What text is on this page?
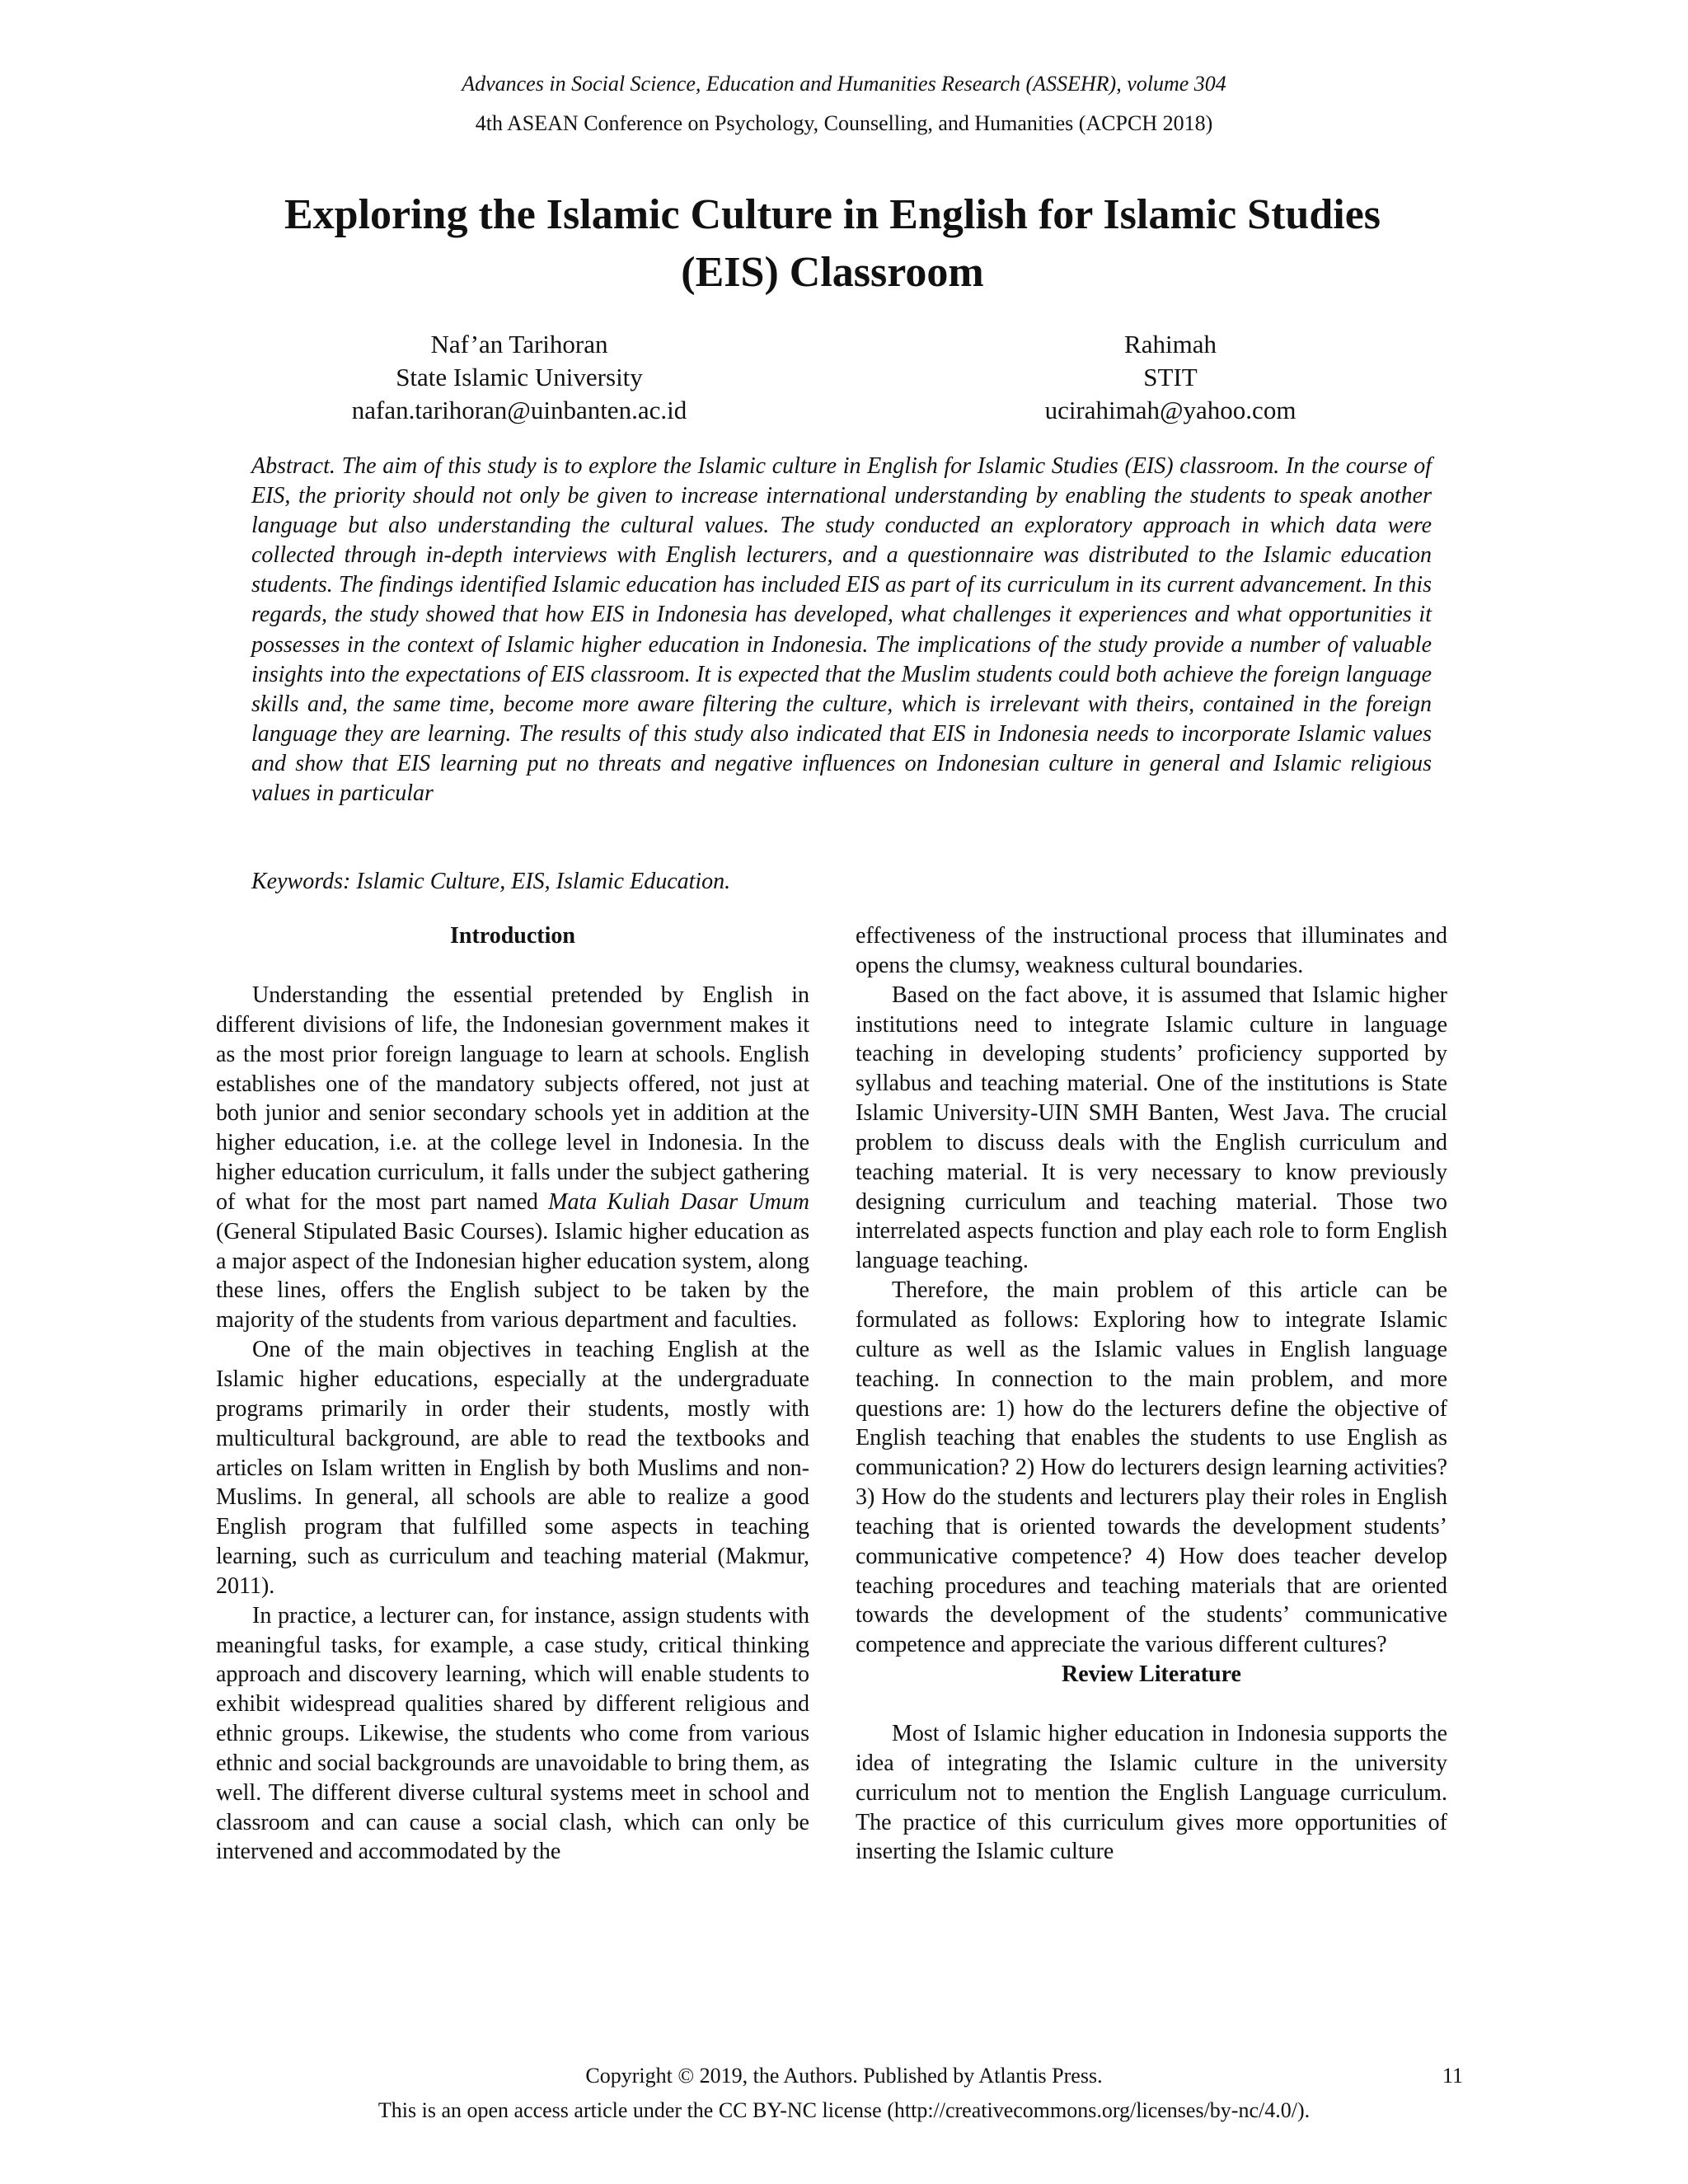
Advances in Social Science, Education and Humanities Research (ASSEHR), volume 304
4th ASEAN Conference on Psychology, Counselling, and Humanities (ACPCH 2018)
Exploring the Islamic Culture in English for Islamic Studies (EIS) Classroom
Naf’an Tarihoran
State Islamic University
nafan.tarihoran@uinbanten.ac.id
Rahimah
STIT
ucirahimah@yahoo.com

Abstract. The aim of this study is to explore the Islamic culture in English for Islamic Studies (EIS) classroom. In the course of EIS, the priority should not only be given to increase international understanding by enabling the students to speak another language but also understanding the cultural values. The study conducted an exploratory approach in which data were collected through in-depth interviews with English lecturers, and a questionnaire was distributed to the Islamic education students. The findings identified Islamic education has included EIS as part of its curriculum in its current advancement. In this regards, the study showed that how EIS in Indonesia has developed, what challenges it experiences and what opportunities it possesses in the context of Islamic higher education in Indonesia. The implications of the study provide a number of valuable insights into the expectations of EIS classroom. It is expected that the Muslim students could both achieve the foreign language skills and, the same time, become more aware filtering the culture, which is irrelevant with theirs, contained in the foreign language they are learning. The results of this study also indicated that EIS in Indonesia needs to incorporate Islamic values and show that EIS learning put no threats and negative influences on Indonesian culture in general and Islamic religious values in particular

Keywords: Islamic Culture, EIS, Islamic Education.

Introduction

Understanding the essential pretended by English in different divisions of life, the Indonesian government makes it as the most prior foreign language to learn at schools. English establishes one of the mandatory subjects offered, not just at both junior and senior secondary schools yet in addition at the higher education, i.e. at the college level in Indonesia. In the higher education curriculum, it falls under the subject gathering of what for the most part named Mata Kuliah Dasar Umum (General Stipulated Basic Courses). Islamic higher education as a major aspect of the Indonesian higher education system, along these lines, offers the English subject to be taken by the majority of the students from various department and faculties.

One of the main objectives in teaching English at the Islamic higher educations, especially at the undergraduate programs primarily in order their students, mostly with multicultural background, are able to read the textbooks and articles on Islam written in English by both Muslims and non-Muslims. In general, all schools are able to realize a good English program that fulfilled some aspects in teaching learning, such as curriculum and teaching material (Makmur, 2011).

In practice, a lecturer can, for instance, assign students with meaningful tasks, for example, a case study, critical thinking approach and discovery learning, which will enable students to exhibit widespread qualities shared by different religious and ethnic groups. Likewise, the students who come from various ethnic and social backgrounds are unavoidable to bring them, as well. The different diverse cultural systems meet in school and classroom and can cause a social clash, which can only be intervened and accommodated by the

effectiveness of the instructional process that illuminates and opens the clumsy, weakness cultural boundaries.

Based on the fact above, it is assumed that Islamic higher institutions need to integrate Islamic culture in language teaching in developing students’ proficiency supported by syllabus and teaching material. One of the institutions is State Islamic University-UIN SMH Banten, West Java. The crucial problem to discuss deals with the English curriculum and teaching material. It is very necessary to know previously designing curriculum and teaching material. Those two interrelated aspects function and play each role to form English language teaching.

Therefore, the main problem of this article can be formulated as follows: Exploring how to integrate Islamic culture as well as the Islamic values in English language teaching. In connection to the main problem, and more questions are: 1) how do the lecturers define the objective of English teaching that enables the students to use English as communication? 2) How do lecturers design learning activities? 3) How do the students and lecturers play their roles in English teaching that is oriented towards the development students’ communicative competence? 4) How does teacher develop teaching procedures and teaching materials that are oriented towards the development of the students’ communicative competence and appreciate the various different cultures?

Review Literature

Most of Islamic higher education in Indonesia supports the idea of integrating the Islamic culture in the university curriculum not to mention the English Language curriculum. The practice of this curriculum gives more opportunities of inserting the Islamic culture

Copyright © 2019, the Authors. Published by Atlantis Press.	11
This is an open access article under the CC BY-NC license (http://creativecommons.org/licenses/by-nc/4.0/).
